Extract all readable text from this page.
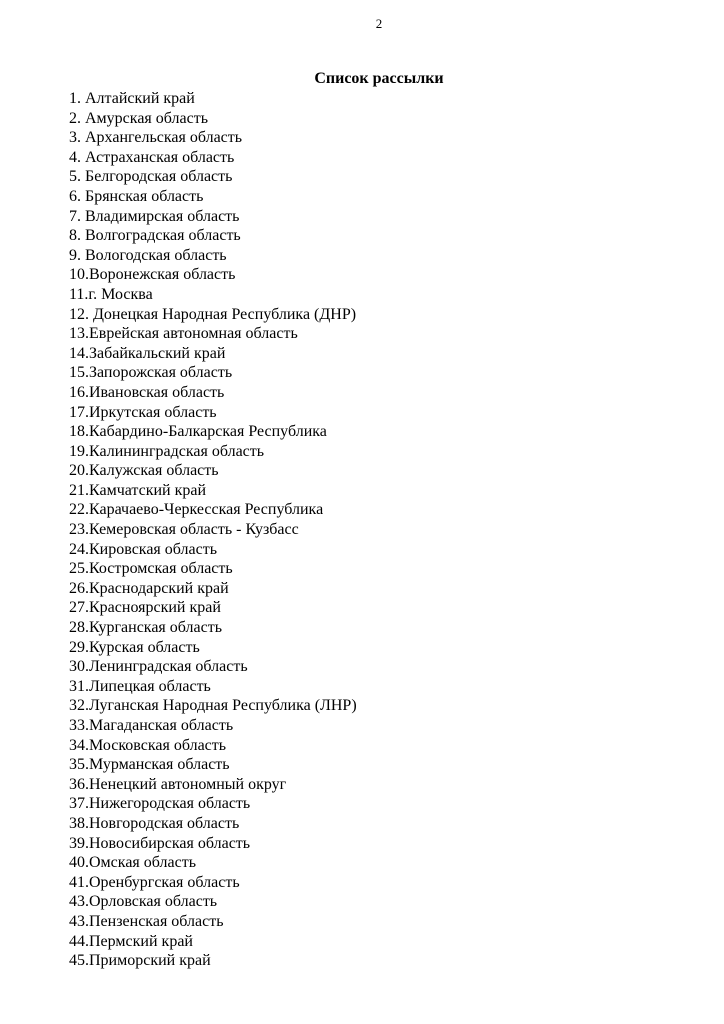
2
Список рассылки
1. Алтайский край
2. Амурская область
3. Архангельская область
4. Астраханская область
5. Белгородская область
6. Брянская область
7. Владимирская область
8. Волгоградская область
9. Вологодская область
10.Воронежская область
11.г. Москва
12. Донецкая Народная Республика (ДНР)
13.Еврейская автономная область
14.Забайкальский край
15.Запорожская область
16.Ивановская область
17.Иркутская область
18.Кабардино-Балкарская Республика
19.Калининградская область
20.Калужская область
21.Камчатский край
22.Карачаево-Черкесская Республика
23.Кемеровская область - Кузбасс
24.Кировская область
25.Костромская область
26.Краснодарский край
27.Красноярский край
28.Курганская область
29.Курская область
30.Ленинградская область
31.Липецкая область
32.Луганская Народная Республика (ЛНР)
33.Магаданская область
34.Московская область
35.Мурманская область
36.Ненецкий автономный округ
37.Нижегородская область
38.Новгородская область
39.Новосибирская область
40.Омская область
41.Оренбургская область
43.Орловская область
43.Пензенская область
44.Пермский край
45.Приморский край
